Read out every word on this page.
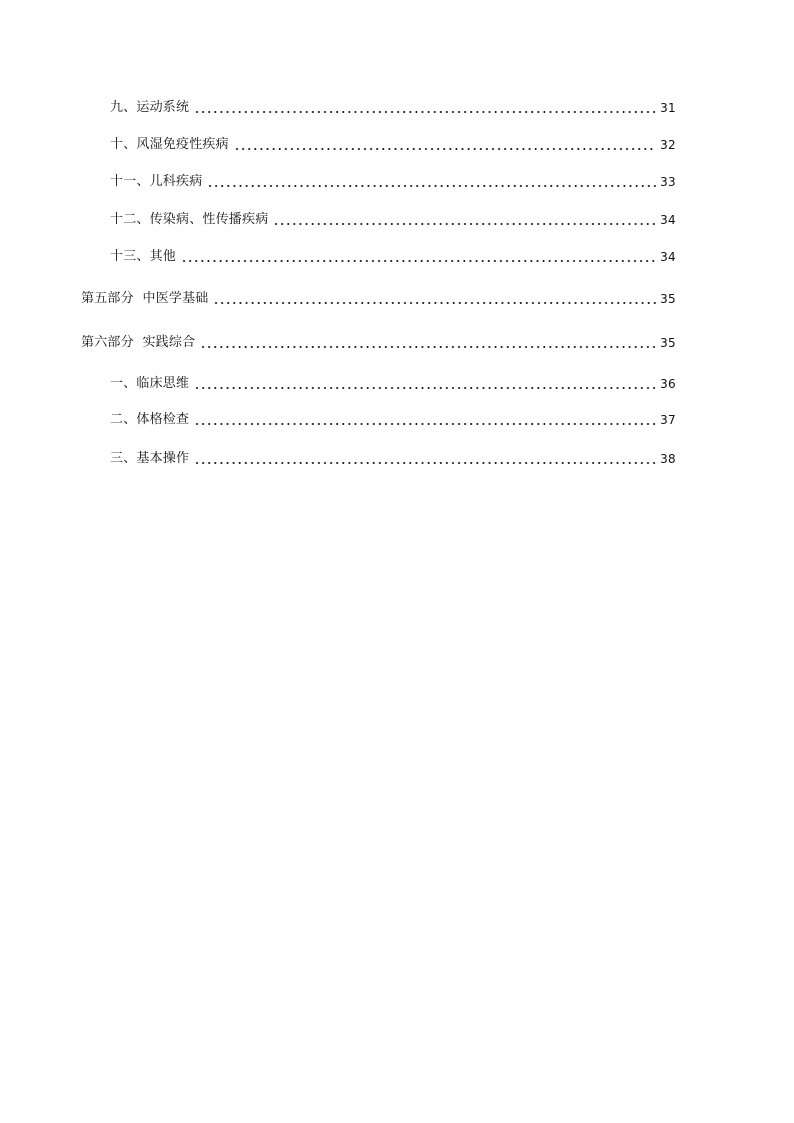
九、运动系统	31
十、风湿免疫性疾病	32
十一、儿科疾病	33
十二、传染病、性传播疾病	34
十三、其他	34
第五部分  中医学基础	35
第六部分  实践综合	35
一、临床思维	36
二、体格检查	37
三、基本操作	38
